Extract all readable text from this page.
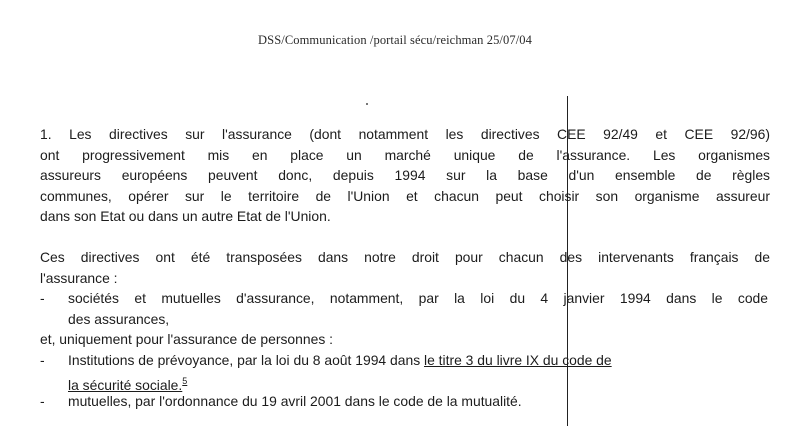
DSS/Communication /portail sécu/reichman 25/07/04
1. Les directives sur l'assurance (dont notamment les directives CEE 92/49 et CEE 92/96)
ont progressivement mis en place un marché unique de l'assurance. Les organismes
assureurs européens peuvent donc, depuis 1994 sur la base d'un ensemble de règles
communes, opérer sur le territoire de l'Union et chacun peut choisir son organisme assureur
dans son Etat ou dans un autre Etat de l'Union.
Ces directives ont été transposées dans notre droit pour chacun des intervenants français de
l'assurance :
- sociétés et mutuelles d'assurance, notamment, par la loi du 4 janvier 1994 dans le code
des assurances,
et, uniquement pour l'assurance de personnes :
- Institutions de prévoyance, par la loi du 8 août 1994 dans le titre 3 du livre IX du code de
la sécurité sociale.$^5$
- mutuelles, par l'ordonnance du 19 avril 2001 dans le code de la mutualité.
